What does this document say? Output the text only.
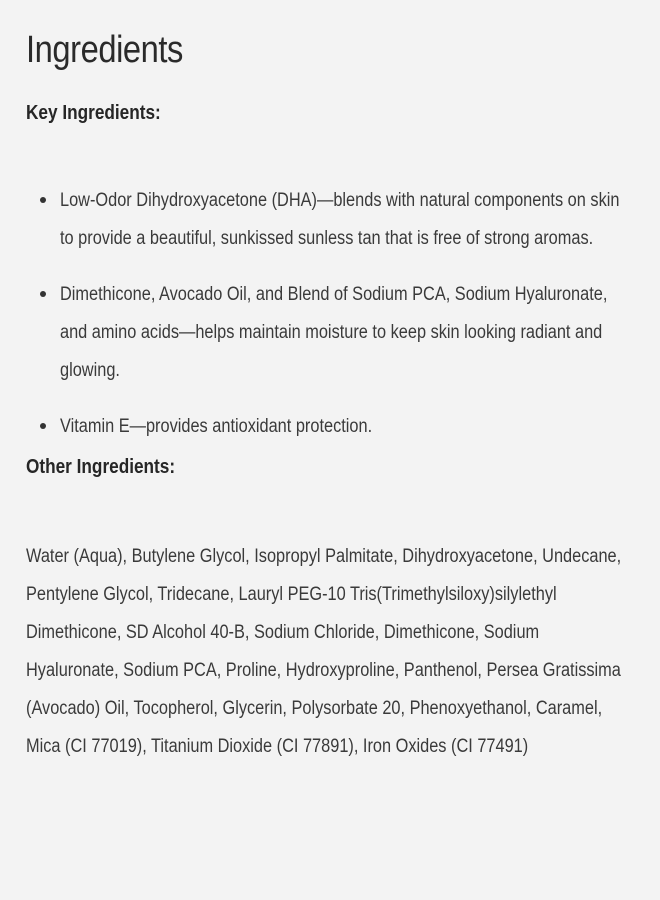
Ingredients
Key Ingredients:
Low-Odor Dihydroxyacetone (DHA)—blends with natural components on skin to provide a beautiful, sunkissed sunless tan that is free of strong aromas.
Dimethicone, Avocado Oil, and Blend of Sodium PCA, Sodium Hyaluronate, and amino acids—helps maintain moisture to keep skin looking radiant and glowing.
Vitamin E—provides antioxidant protection.
Other Ingredients:

Water (Aqua), Butylene Glycol, Isopropyl Palmitate, Dihydroxyacetone, Undecane, Pentylene Glycol, Tridecane, Lauryl PEG-10 Tris(Trimethylsiloxy)silylethyl Dimethicone, SD Alcohol 40-B, Sodium Chloride, Dimethicone, Sodium Hyaluronate, Sodium PCA, Proline, Hydroxyproline, Panthenol, Persea Gratissima (Avocado) Oil, Tocopherol, Glycerin, Polysorbate 20, Phenoxyethanol, Caramel, Mica (CI 77019), Titanium Dioxide (CI 77891), Iron Oxides (CI 77491)
